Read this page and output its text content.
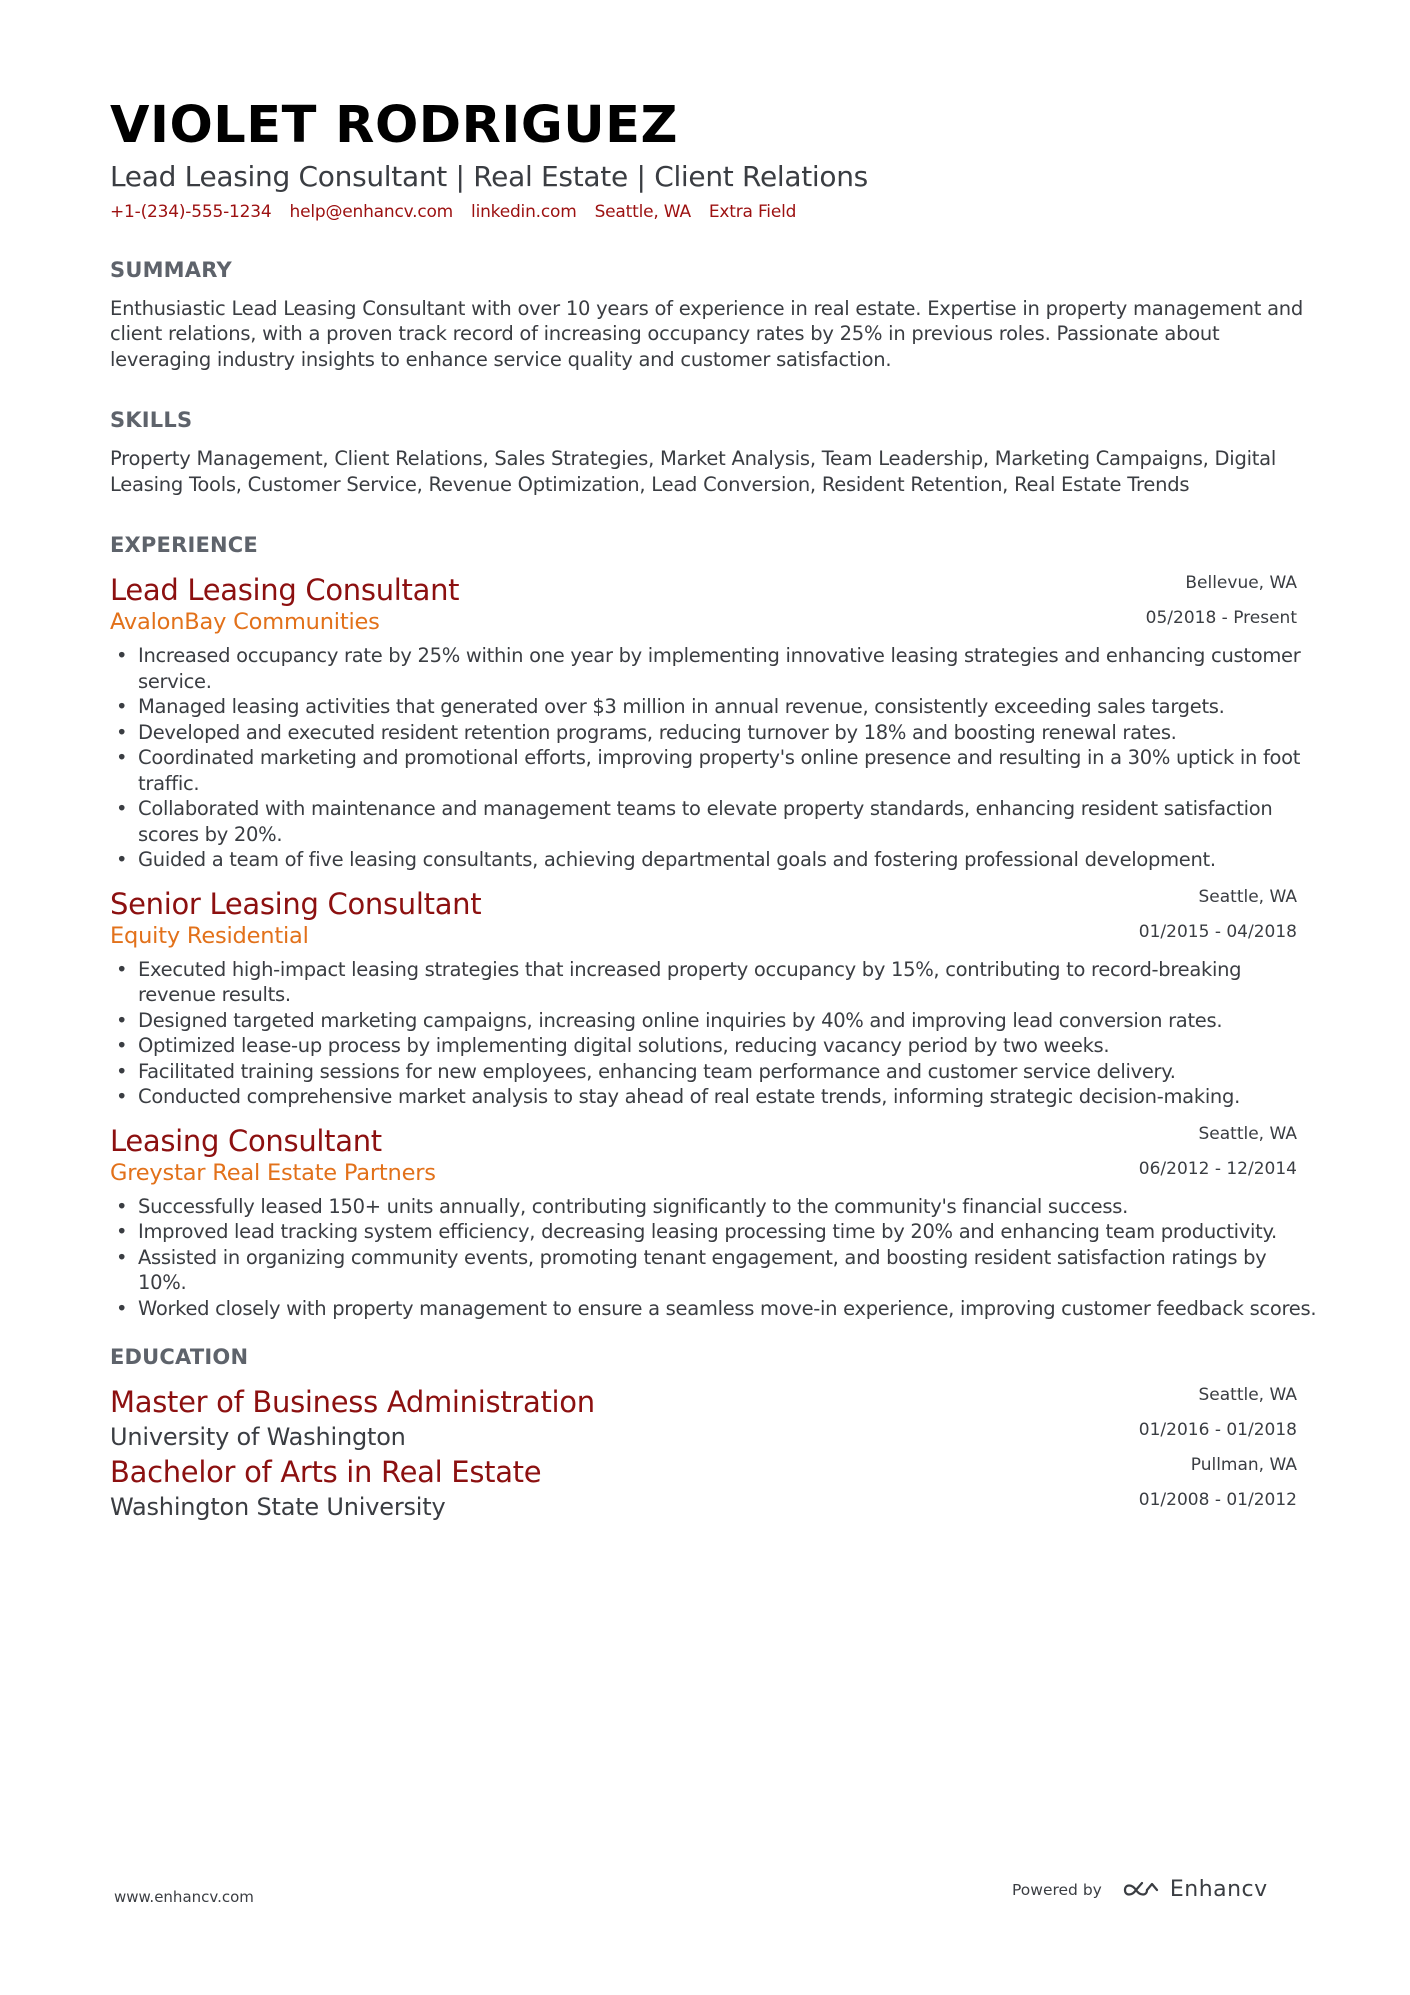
VIOLET RODRIGUEZ
Lead Leasing Consultant | Real Estate | Client Relations
+1-(234)-555-1234 help@enhancv.com linkedin.com Seattle, WA Extra Field
SUMMARY
Enthusiastic Lead Leasing Consultant with over 10 years of experience in real estate. Expertise in property management and client relations, with a proven track record of increasing occupancy rates by 25% in previous roles. Passionate about leveraging industry insights to enhance service quality and customer satisfaction.
SKILLS
Property Management, Client Relations, Sales Strategies, Market Analysis, Team Leadership, Marketing Campaigns, Digital Leasing Tools, Customer Service, Revenue Optimization, Lead Conversion, Resident Retention, Real Estate Trends
EXPERIENCE
Lead Leasing Consultant
AvalonBay Communities
Bellevue, WA
05/2018 - Present
• Increased occupancy rate by 25% within one year by implementing innovative leasing strategies and enhancing customer service.
• Managed leasing activities that generated over $3 million in annual revenue, consistently exceeding sales targets.
• Developed and executed resident retention programs, reducing turnover by 18% and boosting renewal rates.
• Coordinated marketing and promotional efforts, improving property's online presence and resulting in a 30% uptick in foot traffic.
• Collaborated with maintenance and management teams to elevate property standards, enhancing resident satisfaction scores by 20%.
• Guided a team of five leasing consultants, achieving departmental goals and fostering professional development.
Senior Leasing Consultant
Equity Residential
Seattle, WA
01/2015 - 04/2018
• Executed high-impact leasing strategies that increased property occupancy by 15%, contributing to record-breaking revenue results.
• Designed targeted marketing campaigns, increasing online inquiries by 40% and improving lead conversion rates.
• Optimized lease-up process by implementing digital solutions, reducing vacancy period by two weeks.
• Facilitated training sessions for new employees, enhancing team performance and customer service delivery.
• Conducted comprehensive market analysis to stay ahead of real estate trends, informing strategic decision-making.
Leasing Consultant
Greystar Real Estate Partners
Seattle, WA
06/2012 - 12/2014
• Successfully leased 150+ units annually, contributing significantly to the community's financial success.
• Improved lead tracking system efficiency, decreasing leasing processing time by 20% and enhancing team productivity.
• Assisted in organizing community events, promoting tenant engagement, and boosting resident satisfaction ratings by 10%.
• Worked closely with property management to ensure a seamless move-in experience, improving customer feedback scores.
EDUCATION
Master of Business Administration
University of Washington
Seattle, WA
01/2016 - 01/2018
Bachelor of Arts in Real Estate
Washington State University
Pullman, WA
01/2008 - 01/2012
www.enhancv.com	Powered by	Enhancv
